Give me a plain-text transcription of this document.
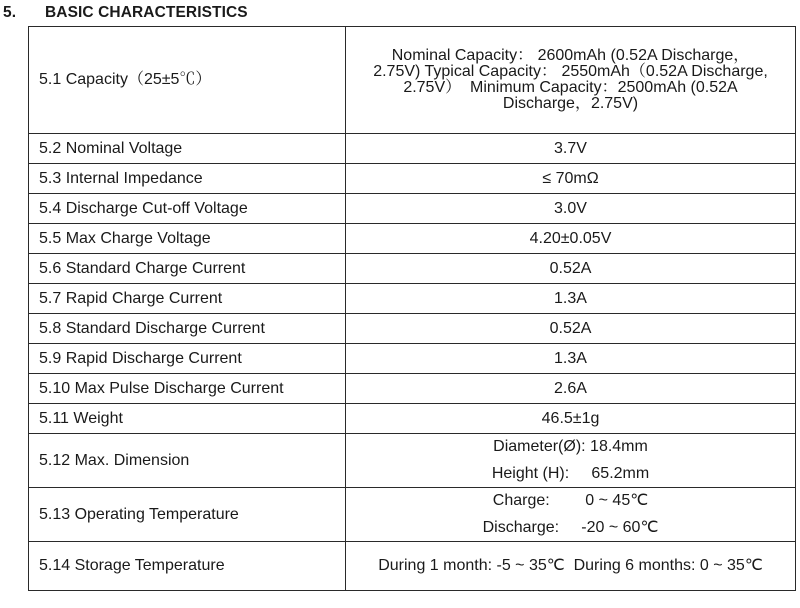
5. BASIC CHARACTERISTICS
5.1 Capacity（25±5℃）	Nominal Capacity： 2600mAh (0.52A Discharge，
2.75V) Typical Capacity： 2550mAh（0.52A Discharge,
2.75V）  Minimum Capacity：2500mAh (0.52A
Discharge，2.75V)

5.2 Nominal Voltage	3.7V
5.3 Internal Impedance	≤ 70mΩ
5.4 Discharge Cut-off Voltage	3.0V
5.5 Max Charge Voltage	4.20±0.05V
5.6 Standard Charge Current	0.52A
5.7 Rapid Charge Current	1.3A
5.8 Standard Discharge Current	0.52A
5.9 Rapid Discharge Current	1.3A
5.10 Max Pulse Discharge Current	2.6A
5.11 Weight	46.5±1g
5.12 Max. Dimension	Diameter(Ø): 18.4mm
Height (H):     65.2mm

5.13 Operating Temperature	Charge:        0 ~ 45℃
Discharge:     -20 ~ 60℃

5.14 Storage Temperature	During 1 month: -5 ~ 35℃  During 6 months: 0 ~ 35℃
